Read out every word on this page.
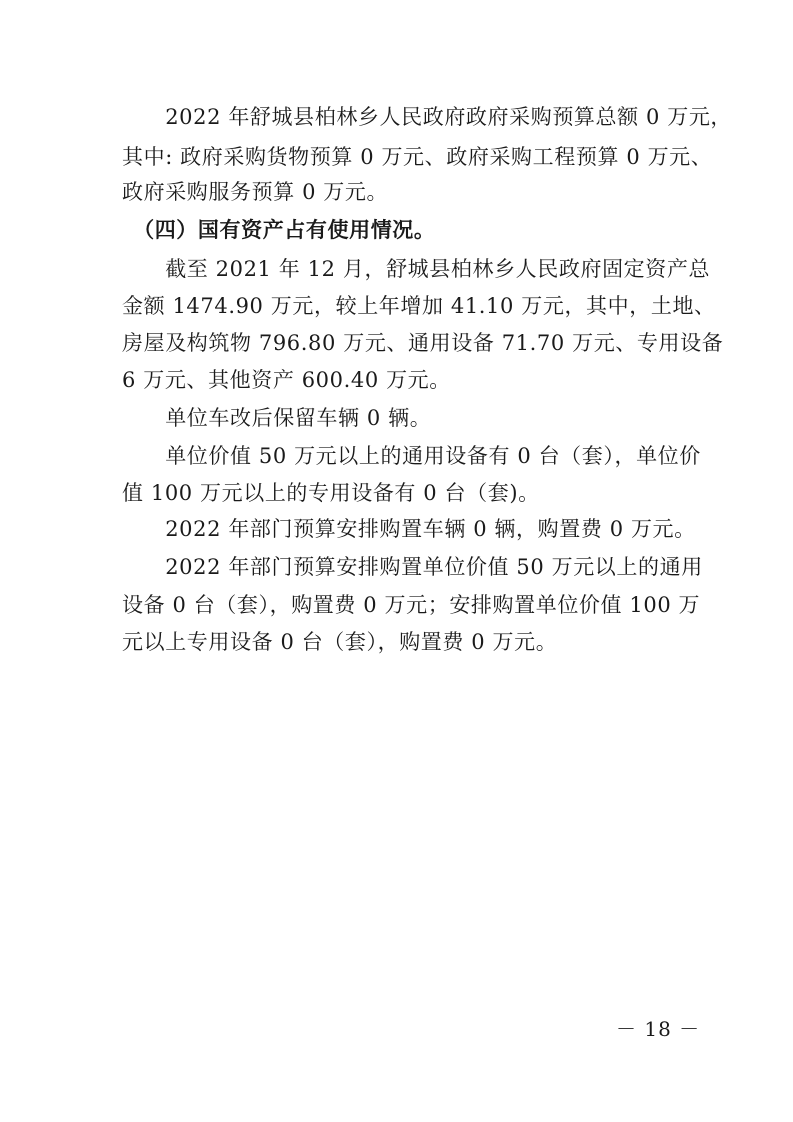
　　2022 年舒城县柏林乡人民政府政府采购预算总额 0 万元，
其中: 政府采购货物预算 0 万元、政府采购工程预算 0 万元、
政府采购服务预算 0 万元。
　（四）国有资产占有使用情况。
　　截至 2021 年 12 月，舒城县柏林乡人民政府固定资产总
金额 1474.90 万元，较上年增加 41.10 万元，其中，土地、
房屋及构筑物 796.80 万元、通用设备 71.70 万元、专用设备
6 万元、其他资产 600.40 万元。
　　单位车改后保留车辆 0 辆。
　　单位价值 50 万元以上的通用设备有 0 台（套），单位价
值 100 万元以上的专用设备有 0 台（套)。
　　2022 年部门预算安排购置车辆 0 辆，购置费 0 万元。
　　2022 年部门预算安排购置单位价值 50 万元以上的通用
设备 0 台（套），购置费 0 万元；安排购置单位价值 100 万
元以上专用设备 0 台（套），购置费 0 万元。
－ 18 －
